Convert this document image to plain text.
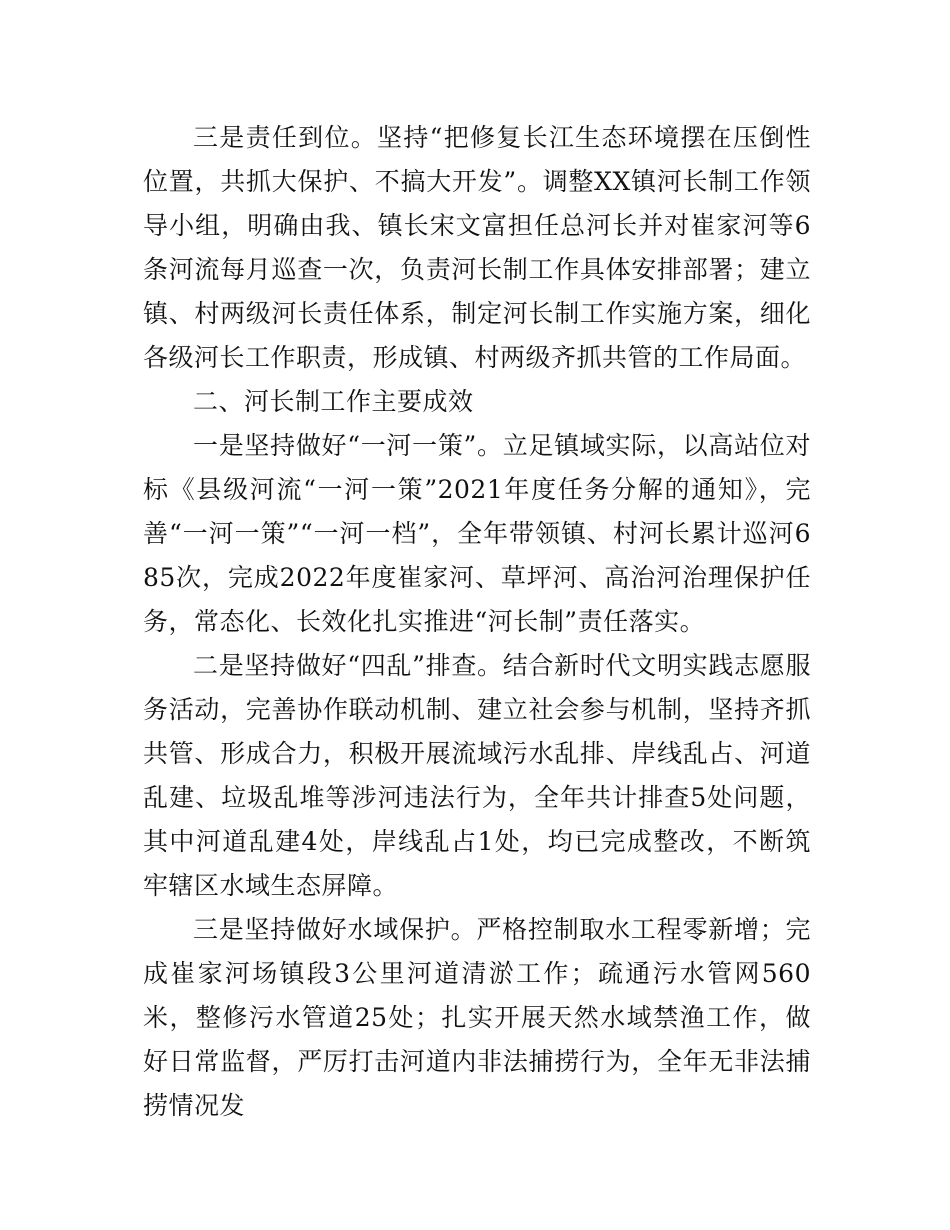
三是责任到位。坚持“把修复长江生态环境摆在压倒性位置，共抓大保护、不搞大开发”。调整XX镇河长制工作领导小组，明确由我、镇长宋文富担任总河长并对崔家河等6条河流每月巡查一次，负责河长制工作具体安排部署；建立镇、村两级河长责任体系，制定河长制工作实施方案，细化各级河长工作职责，形成镇、村两级齐抓共管的工作局面。

二、河长制工作主要成效

一是坚持做好“一河一策”。立足镇域实际，以高站位对标《县级河流“一河一策”2021年度任务分解的通知》，完善“一河一策”“一河一档”，全年带领镇、村河长累计巡河685次，完成2022年度崔家河、草坪河、高治河治理保护任务，常态化、长效化扎实推进“河长制”责任落实。

二是坚持做好“四乱”排查。结合新时代文明实践志愿服务活动，完善协作联动机制、建立社会参与机制，坚持齐抓共管、形成合力，积极开展流域污水乱排、岸线乱占、河道乱建、垃圾乱堆等涉河违法行为，全年共计排查5处问题，其中河道乱建4处，岸线乱占1处，均已完成整改，不断筑牢辖区水域生态屏障。

三是坚持做好水域保护。严格控制取水工程零新增；完成崔家河场镇段3公里河道清淤工作；疏通污水管网560米，整修污水管道25处；扎实开展天然水域禁渔工作，做好日常监督，严厉打击河道内非法捕捞行为，全年无非法捕捞情况发
